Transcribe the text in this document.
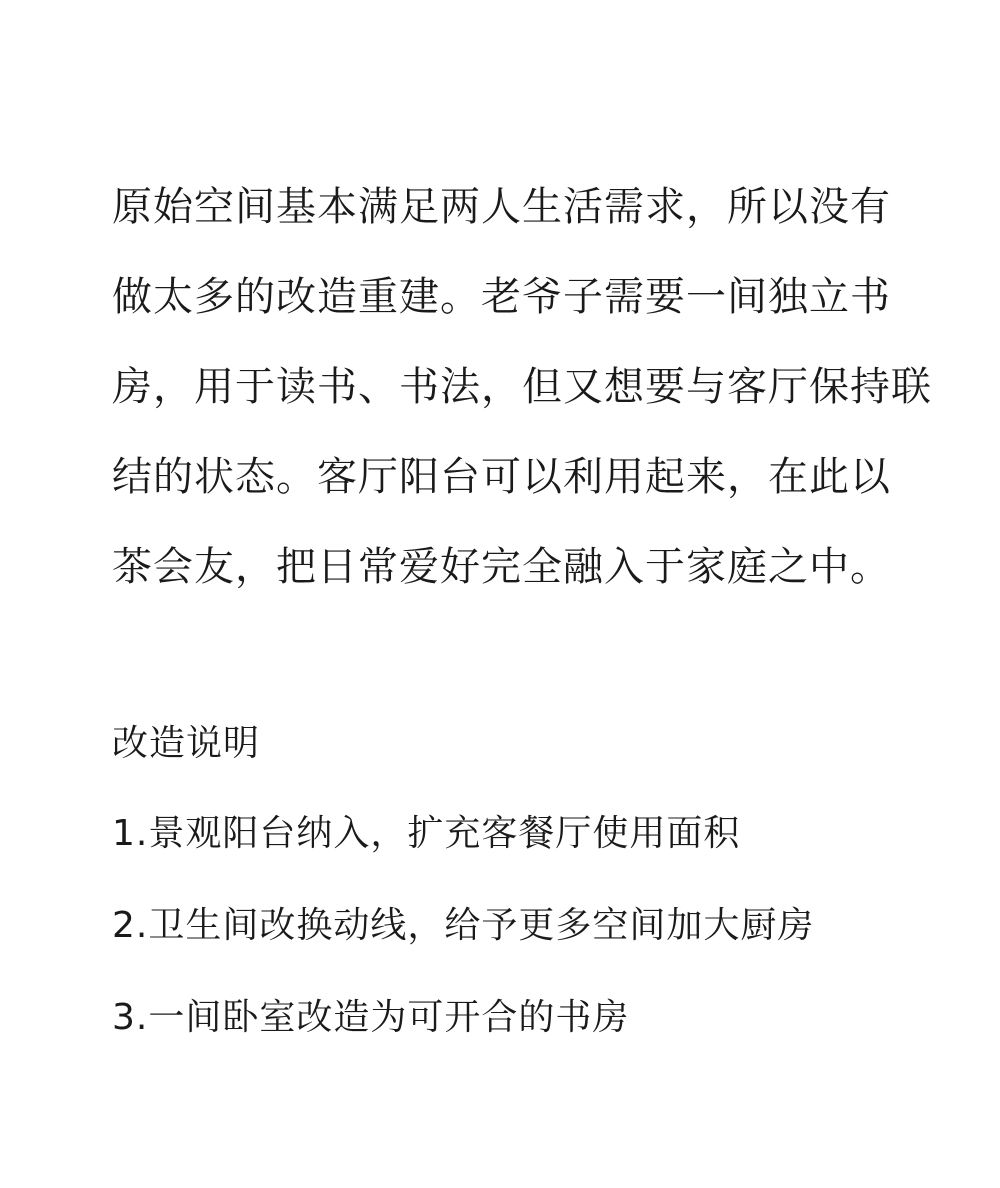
原始空间基本满足两人生活需求，所以没有
做太多的改造重建。老爷子需要一间独立书
房，用于读书、书法，但又想要与客厅保持联
结的状态。客厅阳台可以利用起来，在此以
茶会友，把日常爱好完全融入于家庭之中。
改造说明
1.景观阳台纳入，扩充客餐厅使用面积
2.卫生间改换动线，给予更多空间加大厨房
3.一间卧室改造为可开合的书房
